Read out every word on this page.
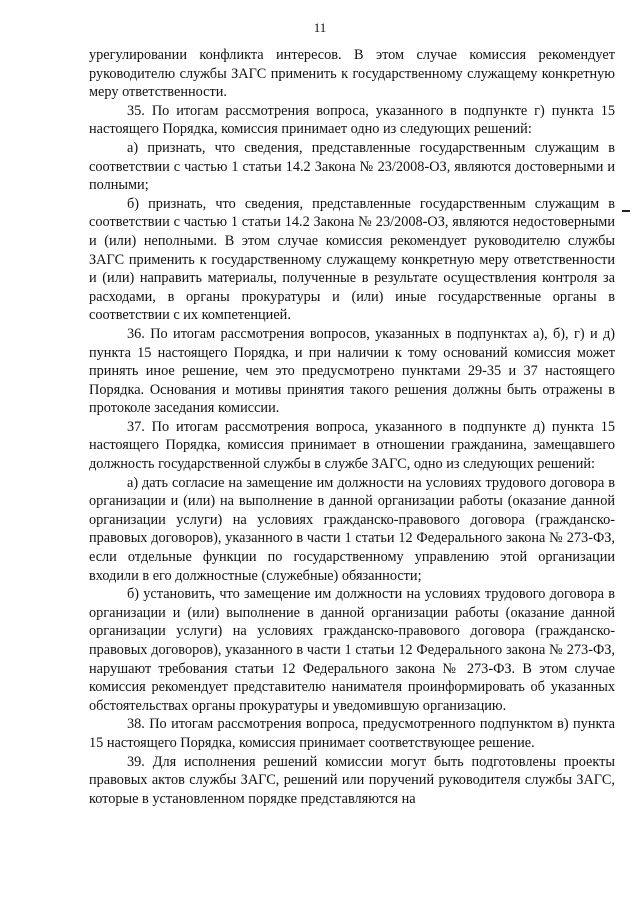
11

урегулировании конфликта интересов. В этом случае комиссия рекомендует руководителю службы ЗАГС применить к государственному служащему конкретную меру ответственности.

35. По итогам рассмотрения вопроса, указанного в подпункте г) пункта 15 настоящего Порядка, комиссия принимает одно из следующих решений:

а) признать, что сведения, представленные государственным служащим в соответствии с частью 1 статьи 14.2 Закона № 23/2008-ОЗ, являются достоверными и полными;

б) признать, что сведения, представленные государственным служащим в соответствии с частью 1 статьи 14.2 Закона № 23/2008-ОЗ, являются недостоверными и (или) неполными. В этом случае комиссия рекомендует руководителю службы ЗАГС применить к государственному служащему конкретную меру ответственности и (или) направить материалы, полученные в результате осуществления контроля за расходами, в органы прокуратуры и (или) иные государственные органы в соответствии с их компетенцией.

36. По итогам рассмотрения вопросов, указанных в подпунктах а), б), г) и д) пункта 15 настоящего Порядка, и при наличии к тому оснований комиссия может принять иное решение, чем это предусмотрено пунктами 29-35 и 37 настоящего Порядка. Основания и мотивы принятия такого решения должны быть отражены в протоколе заседания комиссии.

37. По итогам рассмотрения вопроса, указанного в подпункте д) пункта 15 настоящего Порядка, комиссия принимает в отношении гражданина, замещавшего должность государственной службы в службе ЗАГС, одно из следующих решений:

а) дать согласие на замещение им должности на условиях трудового договора в организации и (или) на выполнение в данной организации работы (оказание данной организации услуги) на условиях гражданско-правового договора (гражданско-правовых договоров), указанного в части 1 статьи 12 Федерального закона № 273-ФЗ, если отдельные функции по государственному управлению этой организации входили в его должностные (служебные) обязанности;

б) установить, что замещение им должности на условиях трудового договора в организации и (или) выполнение в данной организации работы (оказание данной организации услуги) на условиях гражданско-правового договора (гражданско-правовых договоров), указанного в части 1 статьи 12 Федерального закона № 273-ФЗ, нарушают требования статьи 12 Федерального закона № 273-ФЗ. В этом случае комиссия рекомендует представителю нанимателя проинформировать об указанных обстоятельствах органы прокуратуры и уведомившую организацию.

38. По итогам рассмотрения вопроса, предусмотренного подпунктом в) пункта 15 настоящего Порядка, комиссия принимает соответствующее решение.

39. Для исполнения решений комиссии могут быть подготовлены проекты правовых актов службы ЗАГС, решений или поручений руководителя службы ЗАГС, которые в установленном порядке представляются на
